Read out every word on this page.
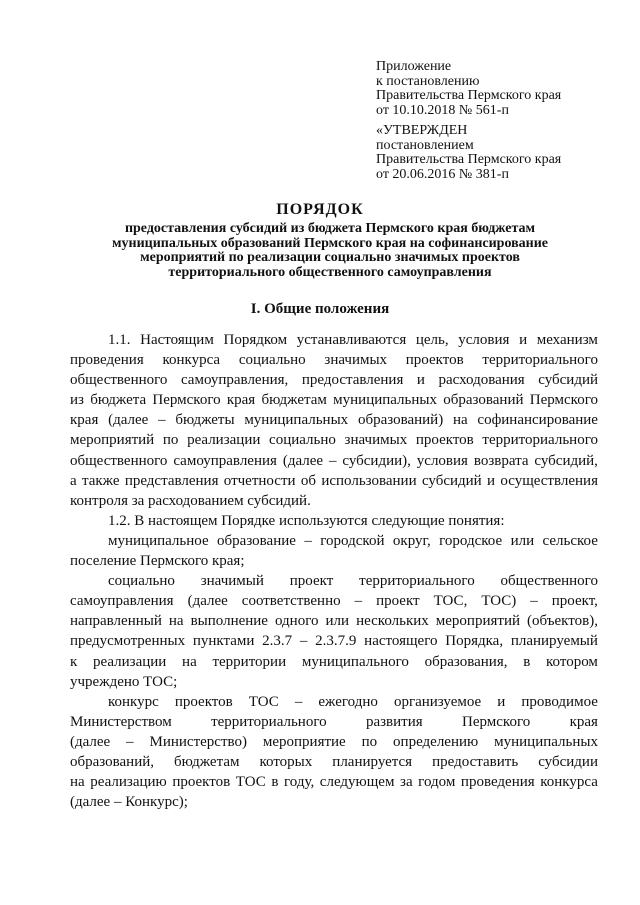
Приложение
к постановлению
Правительства Пермского края
от 10.10.2018 № 561-п
«УТВЕРЖДЕН
постановлением
Правительства Пермского края
от 20.06.2016 № 381-п
ПОРЯДОК
предоставления субсидий из бюджета Пермского края бюджетам
муниципальных образований Пермского края на софинансирование
мероприятий по реализации социально значимых проектов
территориального общественного самоуправления
I. Общие положения
1.1. Настоящим Порядком устанавливаются цель, условия и механизм
проведения конкурса социально значимых проектов территориального
общественного самоуправления, предоставления и расходования субсидий
из бюджета Пермского края бюджетам муниципальных образований Пермского
края (далее – бюджеты муниципальных образований) на софинансирование
мероприятий по реализации социально значимых проектов территориального
общественного самоуправления (далее – субсидии), условия возврата субсидий,
а также представления отчетности об использовании субсидий и осуществления
контроля за расходованием субсидий.
1.2. В настоящем Порядке используются следующие понятия:
муниципальное образование – городской округ, городское или сельское
поселение Пермского края;
социально значимый проект территориального общественного
самоуправления (далее соответственно – проект ТОС, ТОС) – проект,
направленный на выполнение одного или нескольких мероприятий (объектов),
предусмотренных пунктами 2.3.7 – 2.3.7.9 настоящего Порядка, планируемый
к реализации на территории муниципального образования, в котором
учреждено ТОС;
конкурс проектов ТОС – ежегодно организуемое и проводимое
Министерством	территориального	развития	Пермского	края
(далее – Министерство) мероприятие по определению муниципальных
образований, бюджетам которых планируется предоставить субсидии
на реализацию проектов ТОС в году, следующем за годом проведения конкурса
(далее – Конкурс);
